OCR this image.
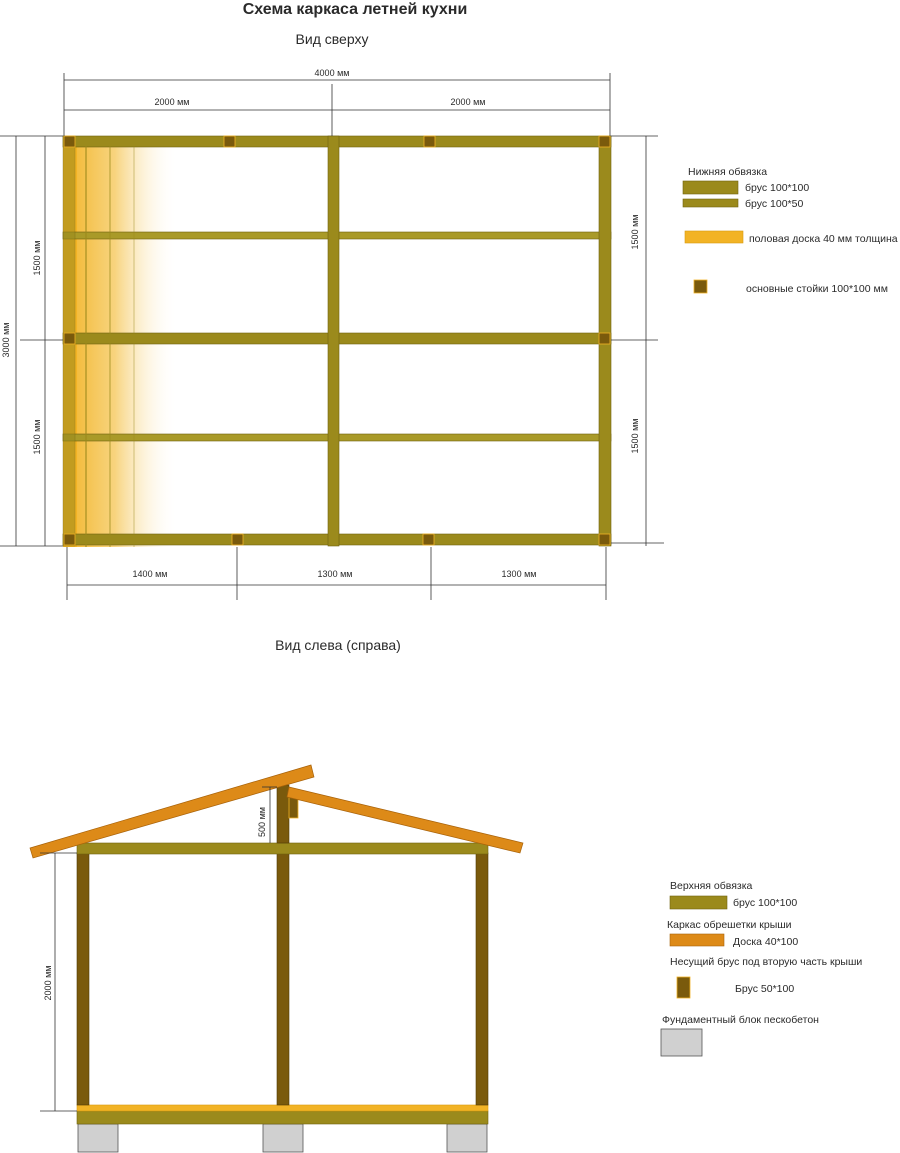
Схема каркаса летней кухни
Вид сверху
4000 мм
2000 мм	2000 мм
3000 мм
1500 мм
1500 мм
1500 мм
1500 мм
1400 мм	1300 мм	1300 мм
Нижняя обвязка
брус 100*100
брус 100*50
половая доска 40 мм толщина
основные стойки 100*100 мм
Вид слева (справа)
2000 мм
500 мм
Верхняя обвязка
брус 100*100
Каркас обрешетки крыши
Доска 40*100
Несущий брус под вторую часть крыши
Брус 50*100
Фундаментный блок пескобетон
